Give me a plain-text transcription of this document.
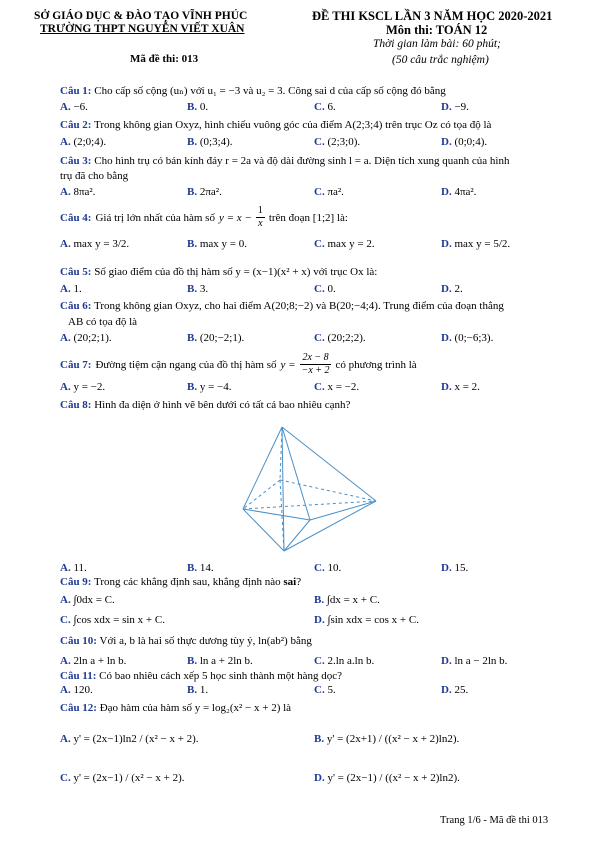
SỞ GIÁO DỤC & ĐÀO TẠO VĨNH PHÚC
TRƯỜNG THPT NGUYỄN VIẾT XUÂN
ĐỀ THI KSCL LẦN 3 NĂM HỌC 2020-2021
Môn thi: TOÁN 12
Thời gian làm bài: 60 phút;
(50 câu trắc nghiệm)
Mã đề thi: 013
Câu 1: Cho cấp số cộng (uₙ) với u₁ = −3 và u₂ = 3. Công sai d của cấp số cộng đó bằng
A. −6.	B. 0.	C. 6.	D. −9.
Câu 2: Trong không gian Oxyz, hình chiếu vuông góc của điểm A(2;3;4) trên trục Oz có tọa độ là
A. (2;0;4).	B. (0;3;4).	C. (2;3;0).	D. (0;0;4).
Câu 3: Cho hình trụ có bán kính đáy r = 2a và độ dài đường sinh l = a. Diện tích xung quanh của hình
trụ đã cho bằng
A. 8πa².	B. 2πa².	C. πa².	D. 4πa².
Câu 4: Giá trị lớn nhất của hàm số $y = x - \frac{1}{x}$ trên đoạn [1;2] là:
A. max y = 3/2.	B. max y = 0.	C. max y = 2.	D. max y = 5/2.
Câu 5: Số giao điểm của đồ thị hàm số y = (x−1)(x² + x) với trục Ox là:
A. 1.	B. 3.	C. 0.	D. 2.
Câu 6: Trong không gian Oxyz, cho hai điểm A(20;8;−2) và B(20;−4;4). Trung điểm của đoạn thẳng
AB có tọa độ là
A. (20;2;1).	B. (20;−2;1).	C. (20;2;2).	D. (0;−6;3).
Câu 7: Đường tiệm cận ngang của đồ thị hàm số $y = \frac{2x - 8}{-x + 2}$ có phương trình là
A. y = −2.	B. y = −4.	C. x = −2.	D. x = 2.
Câu 8: Hình đa diện ở hình vẽ bên dưới có tất cả bao nhiêu cạnh?
A. 11.	B. 14.	C. 10.	D. 15.
Câu 9: Trong các khẳng định sau, khẳng định nào sai?
A. ∫0dx = C.	B. ∫dx = x + C.
C. ∫cos xdx = sin x + C.	D. ∫sin xdx = cos x + C.
Câu 10: Với a, b là hai số thực dương tùy ý, ln(ab²) bằng
A. 2ln a + ln b.	B. ln a + 2ln b.	C. 2.ln a.ln b.	D. ln a − 2ln b.
Câu 11: Có bao nhiêu cách xếp 5 học sinh thành một hàng dọc?
A. 120.	B. 1.	C. 5.	D. 25.
Câu 12: Đạo hàm của hàm số y = log₂(x² − x + 2) là
A. y' = (2x−1)ln2 / (x² − x + 2).	B. y' = (2x+1) / ((x² − x + 2)ln2).
C. y' = (2x−1) / (x² − x + 2).	D. y' = (2x−1) / ((x² − x + 2)ln2).
Trang 1/6 - Mã đề thi 013
